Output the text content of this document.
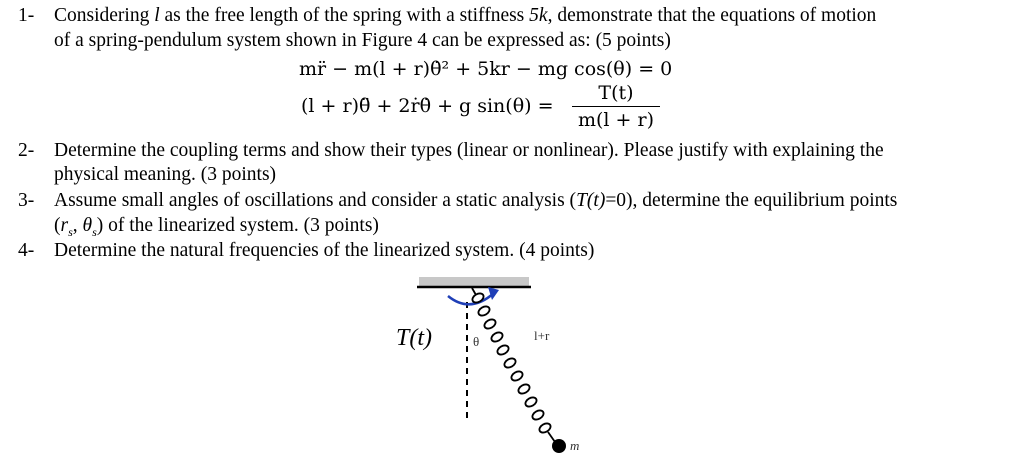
1- Considering l as the free length of the spring with a stiffness 5k, demonstrate that the equations of motion
of a spring-pendulum system shown in Figure 4 can be expressed as: (5 points)
mr̈ − m(l + r)θ̇² + 5kr − mg cos(θ) = 0
(l + r)θ̈ + 2ṙθ̇ + g sin(θ) =
T(t)
m(l + r)
2- Determine the coupling terms and show their types (linear or nonlinear). Please justify with explaining the
physical meaning. (3 points)
3- Assume small angles of oscillations and consider a static analysis (T(t)=0), determine the equilibrium points
($r_s$, $\theta_s$) of the linearized system. (3 points)
4- Determine the natural frequencies of the linearized system. (4 points)
T(t)	θ	l+r
m
